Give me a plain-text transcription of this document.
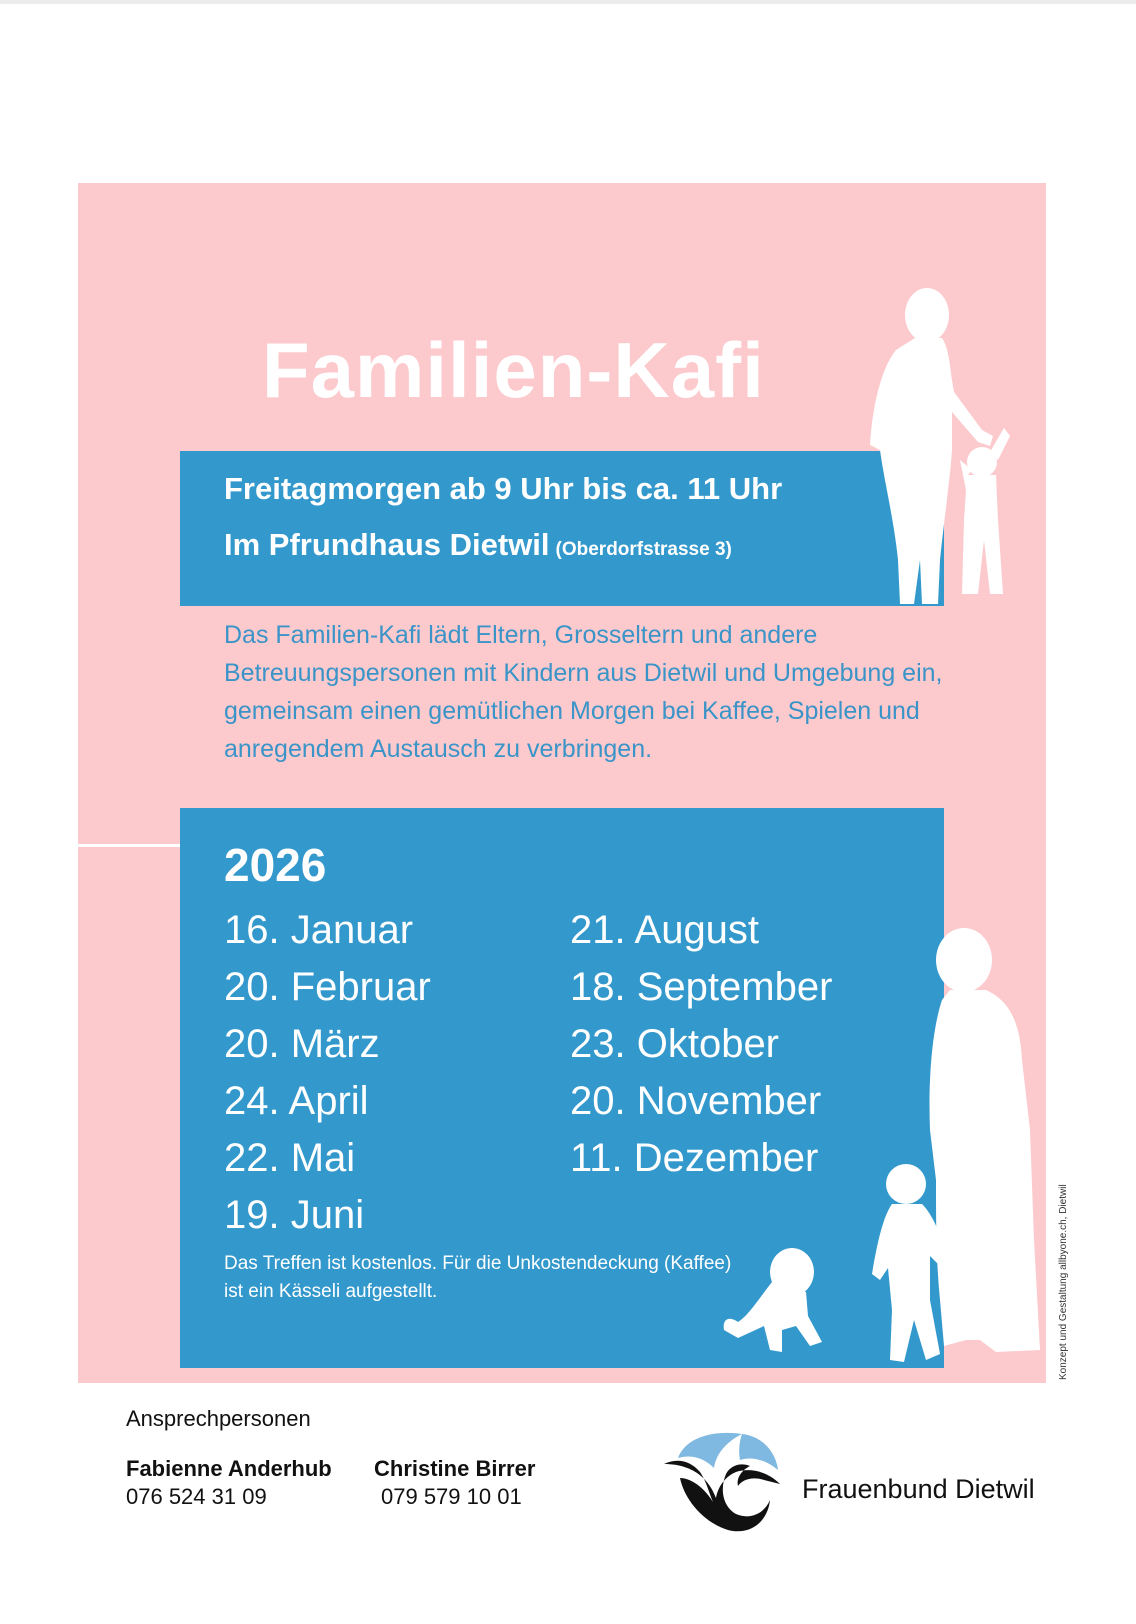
Familien-Kafi
Freitagmorgen ab 9 Uhr bis ca. 11 Uhr
Im Pfrundhaus Dietwil (Oberdorfstrasse 3)

Das Familien-Kafi lädt Eltern, Grosseltern und andere Betreuungspersonen mit Kindern aus Dietwil und Umgebung ein, gemeinsam einen gemütlichen Morgen bei Kaffee, Spielen und anregendem Austausch zu verbringen.

2026
16. Januar
20. Februar
20. März
24. April
22. Mai
19. Juni
21. August
18. September
23. Oktober
20. November
11. Dezember

Das Treffen ist kostenlos. Für die Unkostendeckung (Kaffee) ist ein Kässeli aufgestellt.	Konzept und Gestaltung allbyone.ch, Dietwil
Ansprechpersonen
Fabienne Anderhub
076 524 31 09
Christine Birrer
079 579 10 01	Frauenbund Dietwil
